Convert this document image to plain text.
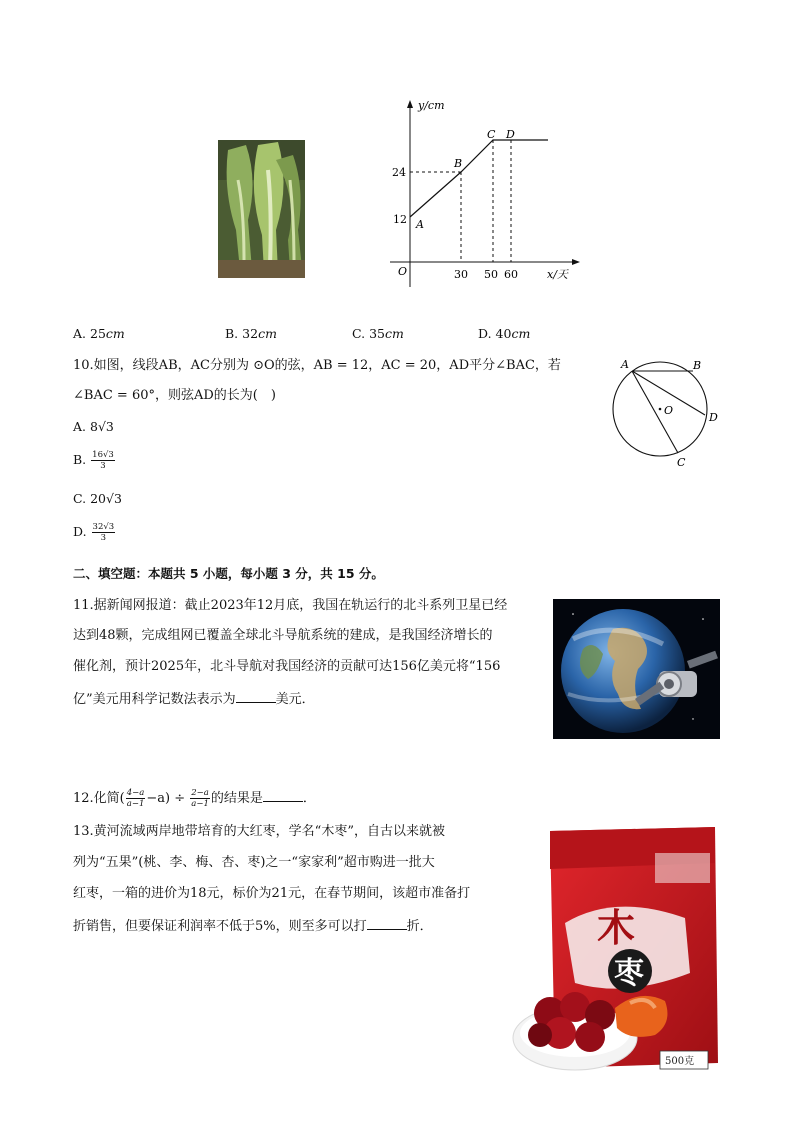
y/cm
x/天
O
24
12
30 50 60
A
B
C D
A. 25cm	B. 32cm	C. 35cm	D. 40cm
10.如图，线段AB，AC分别为 ⊙O的弦，AB = 12，AC = 20，AD平分∠BAC，若
∠BAC = 60°，则弦AD的长为(　)
A. 8√3
B. $\frac{16√3}{3}$
C. 20√3
D. $\frac{32√3}{3}$
A	B
O
D
C
二、填空题：本题共 5 小题，每小题 3 分，共 15 分。
11.据新闻网报道：截止2023年12月底，我国在轨运行的北斗系列卫星已经
达到48颗，完成组网已覆盖全球北斗导航系统的建成，是我国经济增长的
催化剂，预计2025年，北斗导航对我国经济的贡献可达156亿美元将“156
亿”美元用科学记数法表示为	美元．
12.化简( $\frac{4-a}{a-1} -a) \div \frac{2-a}{a-1}$ 的结果是	．
13.黄河流域两岸地带培育的大红枣，学名“木枣”，自古以来就被
列为“五果”(桃、李、梅、杏、枣)之一“家家利”超市购进一批大
红枣，一箱的进价为18元，标价为21元，在春节期间，该超市准备打
折销售，但要保证利润率不低于5%，则至多可以打	折．	木
枣
500克
